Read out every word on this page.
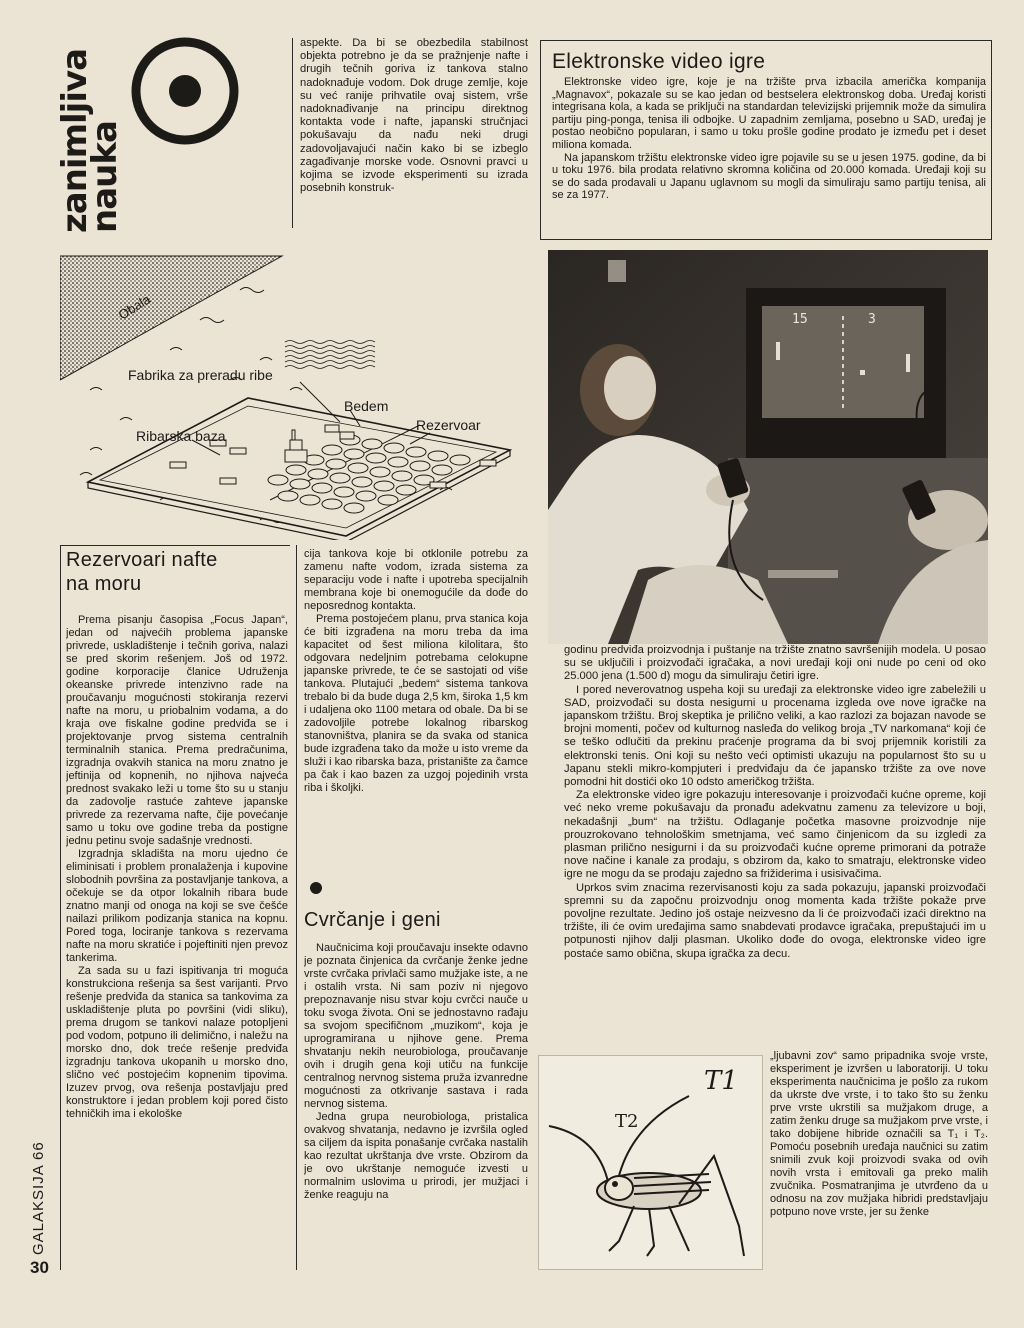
zanimljiva
nauka

aspekte. Da bi se obezbedila stabilnost objekta potrebno je da se pražnjenje nafte i drugih tečnih goriva iz tankova stalno nadoknađuje vodom. Dok druge zemlje, koje su već ranije prihvatile ovaj sistem, vrše nadoknađivanje na principu direktnog kontakta vode i nafte, japanski stručnjaci pokušavaju da nađu neki drugi zadovoljavajući način kako bi se izbeglo zagađivanje morske vode. Osnovni pravci u kojima se izvode eksperimenti su izrada posebnih konstruk-

Elektronske video igre

Elektronske video igre, koje je na tržište prva izbacila američka kompanija „Magnavox“, pokazale su se kao jedan od bestselera elektronskog doba. Uređaj koristi integrisana kola, a kada se priključi na standardan televizijski prijemnik može da simulira partiju ping-ponga, tenisa ili odbojke. U zapadnim zemljama, posebno u SAD, uređaj je postao neobično popularan, i samo u toku prošle godine prodato je između pet i deset miliona komada.

Na japanskom tržištu elektronske video igre pojavile su se u jesen 1975. godine, da bi u toku 1976. bila prodata relativno skromna količina od 20.000 komada. Uređaji koji su se do sada prodavali u Japanu uglavnom su mogli da simuliraju samo partiju tenisa, ali se za 1977.

Obala
Fabrika za preradu ribe
Bedem
Rezervoar
Ribarska baza
15	3
Rezervoari nafte
na moru

Prema pisanju časopisa „Focus Japan“, jedan od najvećih problema japanske privrede, uskladištenje i tečnih goriva, nalazi se pred skorim rešenjem. Još od 1972. godine korporacije članice Udruženja okeanske privrede intenzivno rade na proučavanju mogućnosti stokiranja rezervi nafte na moru, u priobalnim vodama, a do kraja ove fiskalne godine predviđa se i projektovanje prvog sistema centralnih terminalnih stanica. Prema predračunima, izgradnja ovakvih stanica na moru znatno je jeftinija od kopnenih, no njihova najveća prednost svakako leži u tome što su u stanju da zadovolje rastuće zahteve japanske privrede za rezervama nafte, čije povećanje samo u toku ove godine treba da postigne jednu petinu svoje sadašnje vrednosti.

Izgradnja skladišta na moru ujedno će eliminisati i problem pronalaženja i kupovine slobodnih površina za postavljanje tankova, a očekuje se da otpor lokalnih ribara bude znatno manji od onoga na koji se sve češće nailazi prilikom podizanja stanica na kopnu. Pored toga, lociranje tankova s rezervama nafte na moru skratiće i pojeftiniti njen prevoz tankerima.

Za sada su u fazi ispitivanja tri moguća konstrukciona rešenja sa šest varijanti. Prvo rešenje predviđa da stanica sa tankovima za uskladištenje pluta po površini (vidi sliku), prema drugom se tankovi nalaze potopljeni pod vodom, potpuno ili delimično, i naležu na morsko dno, dok treće rešenje predviđa izgradnju tankova ukopanih u morsko dno, slično već postojećim kopnenim tipovima. Izuzev prvog, ova rešenja postavljaju pred konstruktore i jedan problem koji pored čisto tehničkih ima i ekološke

cija tankova koje bi otklonile potrebu za zamenu nafte vodom, izrada sistema za separaciju vode i nafte i upotreba specijalnih membrana koje bi onemogućile da dođe do neposrednog kontakta.

Prema postojećem planu, prva stanica koja će biti izgrađena na moru treba da ima kapacitet od šest miliona kilolitara, što odgovara nedeljnim potrebama celokupne japanske privrede, te će se sastojati od više tankova. Plutajući „bedem“ sistema tankova trebalo bi da bude duga 2,5 km, široka 1,5 km i udaljena oko 1100 metara od obale. Da bi se zadovoljile potrebe lokalnog ribarskog stanovništva, planira se da svaka od stanica bude izgrađena tako da može u isto vreme da služi i kao ribarska baza, pristanište za čamce pa čak i kao bazen za uzgoj pojedinih vrsta riba i školjki.

Cvrčanje i geni

Naučnicima koji proučavaju insekte odavno je poznata činjenica da cvrčanje ženke jedne vrste cvrčaka privlači samo mužjake iste, a ne i ostalih vrsta. Ni sam poziv ni njegovo prepoznavanje nisu stvar koju cvrčci nauče u toku svoga života. Oni se jednostavno rađaju sa svojom specifičnom „muzikom“, koja je uprogramirana u njihove gene. Prema shvatanju nekih neurobiologa, proučavanje ovih i drugih gena koji utiču na funkcije centralnog nervnog sistema pruža izvanredne mogućnosti za otkrivanje sastava i rada nervnog sistema.

Jedna grupa neurobiologa, pristalica ovakvog shvatanja, nedavno je izvršila ogled sa ciljem da ispita ponašanje cvrčaka nastalih kao rezultat ukrštanja dve vrste. Obzirom da je ovo ukrštanje nemoguće izvesti u normalnim uslovima u prirodi, jer mužjaci i ženke reaguju na

godinu predviđa proizvodnja i puštanje na tržište znatno savršenijih modela. U posao su se uključili i proizvođači igračaka, a novi uređaji koji oni nude po ceni od oko 25.000 jena (1.500 d) mogu da simuliraju četiri igre.

I pored neverovatnog uspeha koji su uređaji za elektronske video igre zabeležili u SAD, proizvođači su dosta nesigurni u procenama izgleda ove nove igračke na japanskom tržištu. Broj skeptika je prilično veliki, a kao razlozi za bojazan navode se brojni momenti, počev od kulturnog nasleđa do velikog broja „TV narkomana“ koji će se teško odlučiti da prekinu praćenje programa da bi svoj prijemnik koristili za elektronski tenis. Oni koji su nešto veći optimisti ukazuju na popularnost što su u Japanu stekli mikro-kompjuteri i predviđaju da će japansko tržište za ove nove pomodni hit dostići oko 10 odsto američkog tržišta.

Za elektronske video igre pokazuju interesovanje i proizvođači kućne opreme, koji već neko vreme pokušavaju da pronađu adekvatnu zamenu za televizore u boji, nekadašnji „bum“ na tržištu. Odlaganje početka masovne proizvodnje nije prouzrokovano tehnološkim smetnjama, već samo činjenicom da su izgledi za plasman prilično nesigurni i da su proizvođači kućne opreme primorani da potraže nove načine i kanale za prodaju, s obzirom da, kako to smatraju, elektronske video igre ne mogu da se prodaju zajedno sa frižiderima i usisivačima.

Uprkos svim znacima rezervisanosti koju za sada pokazuju, japanski proizvođači spremni su da započnu proizvodnju onog momenta kada tržište pokaže prve povoljne rezultate. Jedino još ostaje neizvesno da li će proizvođači izaći direktno na tržište, ili će ovim uređajima samo snabdevati prodavce igračaka, prepuštajući im u potpunosti njihov dalji plasman. Ukoliko dođe do ovoga, elektronske video igre postaće samo obična, skupa igračka za decu.

T1
T2

„ljubavni zov“ samo pripadnika svoje vrste, eksperiment je izvršen u laboratoriji. U toku eksperimenta naučnicima je pošlo za rukom da ukrste dve vrste, i to tako što su ženku prve vrste ukrstili sa mužjakom druge, a zatim ženku druge sa mužjakom prve vrste, i tako dobijene hibride označili sa T₁ i T₂. Pomoću posebnih uređaja naučnici su zatim snimili zvuk koji proizvodi svaka od ovih novih vrsta i emitovali ga preko malih zvučnika. Posmatranjima je utvrđeno da u odnosu na zov mužjaka hibridi predstavljaju potpuno nove vrste, jer su ženke

GALAKSIJA 66
30
